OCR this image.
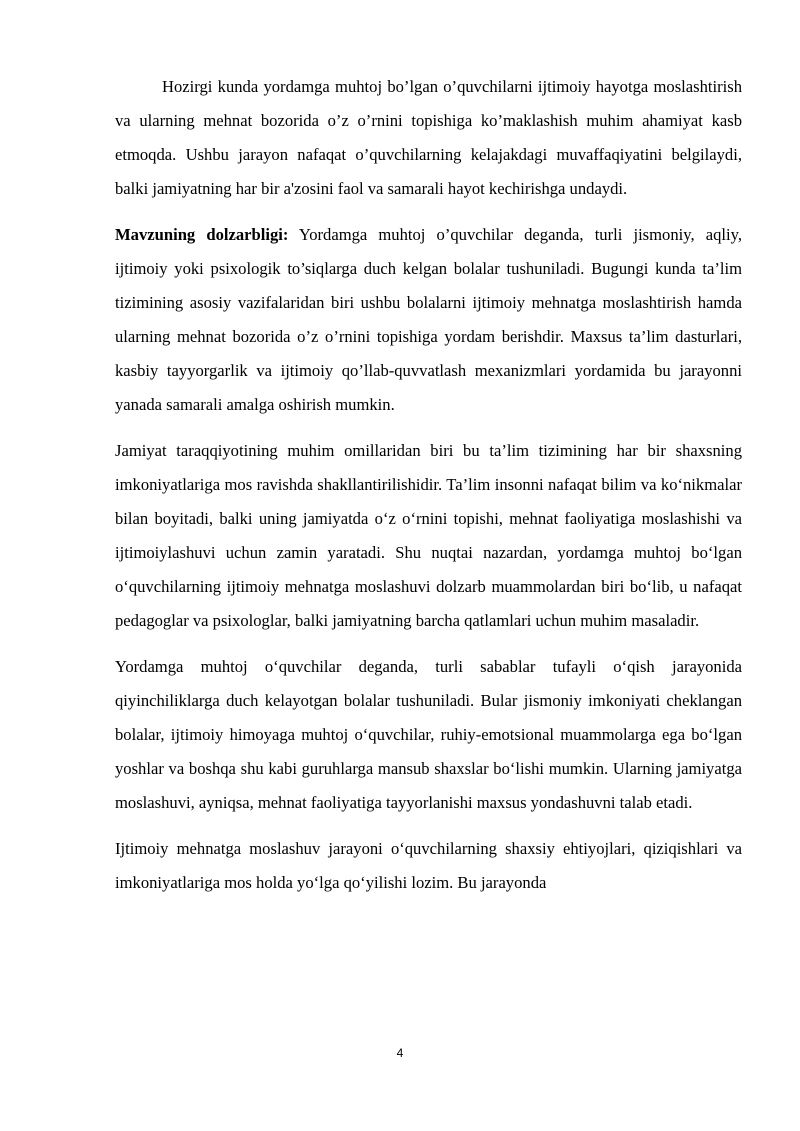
Hozirgi kunda yordamga muhtoj bo’lgan o’quvchilarni ijtimoiy hayotga moslashtirish va ularning mehnat bozorida o’z o’rnini topishiga ko’maklashish muhim ahamiyat kasb etmoqda. Ushbu jarayon nafaqat o’quvchilarning kelajakdagi muvaffaqiyatini belgilaydi, balki jamiyatning har bir a'zosini faol va samarali hayot kechirishga undaydi.

Mavzuning dolzarbligi: Yordamga muhtoj o’quvchilar deganda, turli jismoniy, aqliy, ijtimoiy yoki psixologik to’siqlarga duch kelgan bolalar tushuniladi. Bugungi kunda ta’lim tizimining asosiy vazifalaridan biri ushbu bolalarni ijtimoiy mehnatga moslashtirish hamda ularning mehnat bozorida o’z o’rnini topishiga yordam berishdir. Maxsus ta’lim dasturlari, kasbiy tayyorgarlik va ijtimoiy qo’llab-quvvatlash mexanizmlari yordamida bu jarayonni yanada samarali amalga oshirish mumkin.

Jamiyat taraqqiyotining muhim omillaridan biri bu ta’lim tizimining har bir shaxsning imkoniyatlariga mos ravishda shakllantirilishidir. Ta’lim insonni nafaqat bilim va ko‘nikmalar bilan boyitadi, balki uning jamiyatda o‘z o‘rnini topishi, mehnat faoliyatiga moslashishi va ijtimoiylashuvi uchun zamin yaratadi. Shu nuqtai nazardan, yordamga muhtoj bo‘lgan o‘quvchilarning ijtimoiy mehnatga moslashuvi dolzarb muammolardan biri bo‘lib, u nafaqat pedagoglar va psixologlar, balki jamiyatning barcha qatlamlari uchun muhim masaladir.

Yordamga muhtoj o‘quvchilar deganda, turli sabablar tufayli o‘qish jarayonida qiyinchiliklarga duch kelayotgan bolalar tushuniladi. Bular jismoniy imkoniyati cheklangan bolalar, ijtimoiy himoyaga muhtoj o‘quvchilar, ruhiy-emotsional muammolarga ega bo‘lgan yoshlar va boshqa shu kabi guruhlarga mansub shaxslar bo‘lishi mumkin. Ularning jamiyatga moslashuvi, ayniqsa, mehnat faoliyatiga tayyorlanishi maxsus yondashuvni talab etadi.

Ijtimoiy mehnatga moslashuv jarayoni o‘quvchilarning shaxsiy ehtiyojlari, qiziqishlari va imkoniyatlariga mos holda yo‘lga qo‘yilishi lozim. Bu jarayonda

4
